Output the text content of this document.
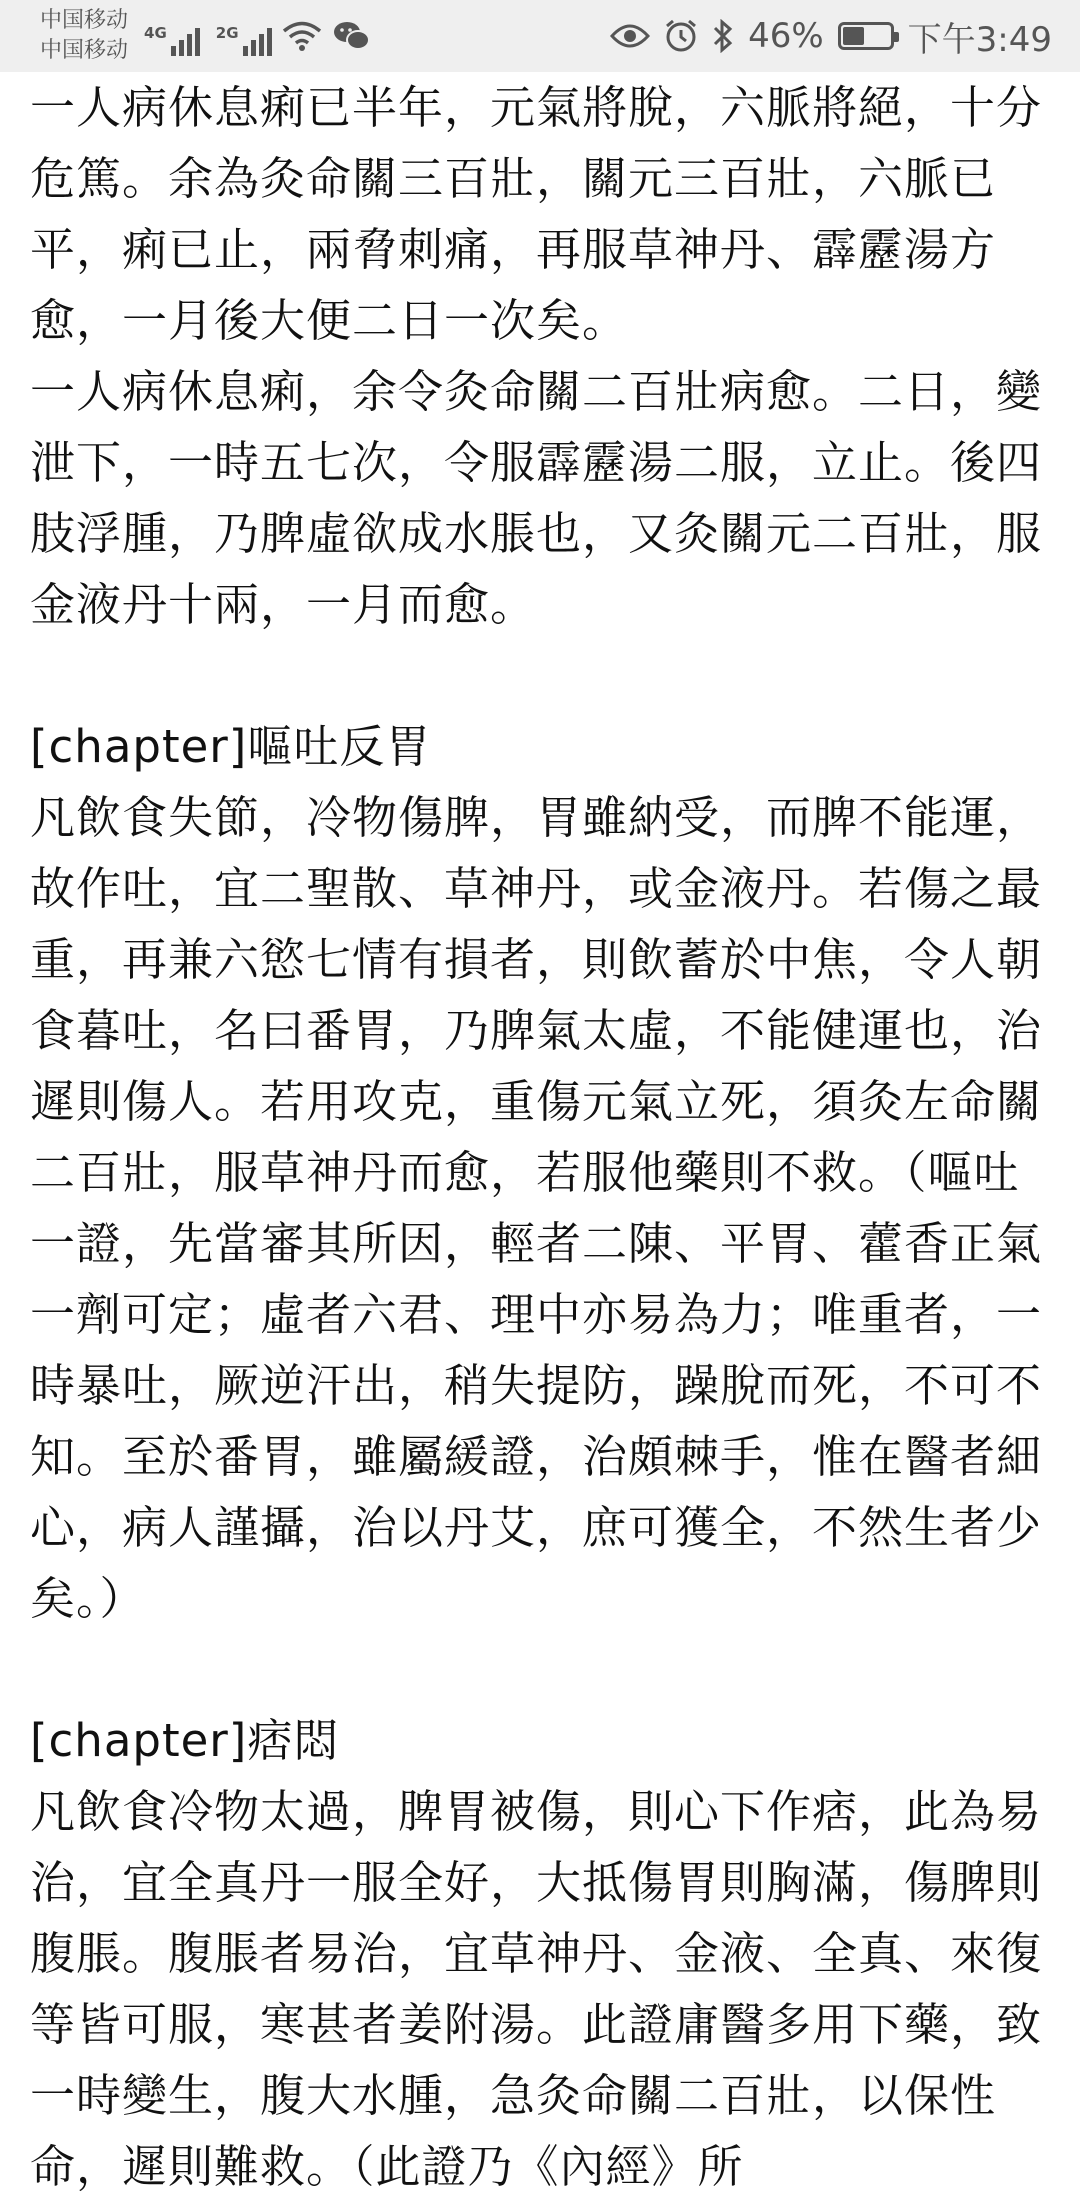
中国移动
中国移动
4G	2G	46% 下午3:49
一人病休息痢已半年，元氣將脫，六脈將絕，十分危篤。余為灸命關三百壯，關元三百壯，六脈已平，痢已止，兩脅刺痛，再服草神丹、霹靂湯方愈，一月後大便二日一次矣。
一人病休息痢，余令灸命關二百壯病愈。二日，變泄下，一時五七次，令服霹靂湯二服，立止。後四肢浮腫，乃脾虛欲成水脹也，又灸關元二百壯，服金液丹十兩，一月而愈。
[chapter]嘔吐反胃
凡飲食失節，冷物傷脾，胃雖納受，而脾不能運，故作吐，宜二聖散、草神丹，或金液丹。若傷之最重，再兼六慾七情有損者，則飲蓄於中焦，令人朝食暮吐，名曰番胃，乃脾氣太虛，不能健運也，治遲則傷人。若用攻克，重傷元氣立死，須灸左命關二百壯，服草神丹而愈，若服他藥則不救。（嘔吐一證，先當審其所因，輕者二陳、平胃、藿香正氣一劑可定；虛者六君、理中亦易為力；唯重者，一時暴吐，厥逆汗出，稍失提防，躁脫而死，不可不知。至於番胃，雖屬緩證，治頗棘手，惟在醫者細心，病人謹攝，治以丹艾，庶可獲全，不然生者少矣。）
[chapter]痞悶
凡飲食冷物太過，脾胃被傷，則心下作痞，此為易治，宜全真丹一服全好，大抵傷胃則胸滿，傷脾則腹脹。腹脹者易治，宜草神丹、金液、全真、來復等皆可服，寒甚者姜附湯。此證庸醫多用下藥，致一時變生，腹大水腫，急灸命關二百壯，以保性命，遲則難救。（此證乃《內經》所
